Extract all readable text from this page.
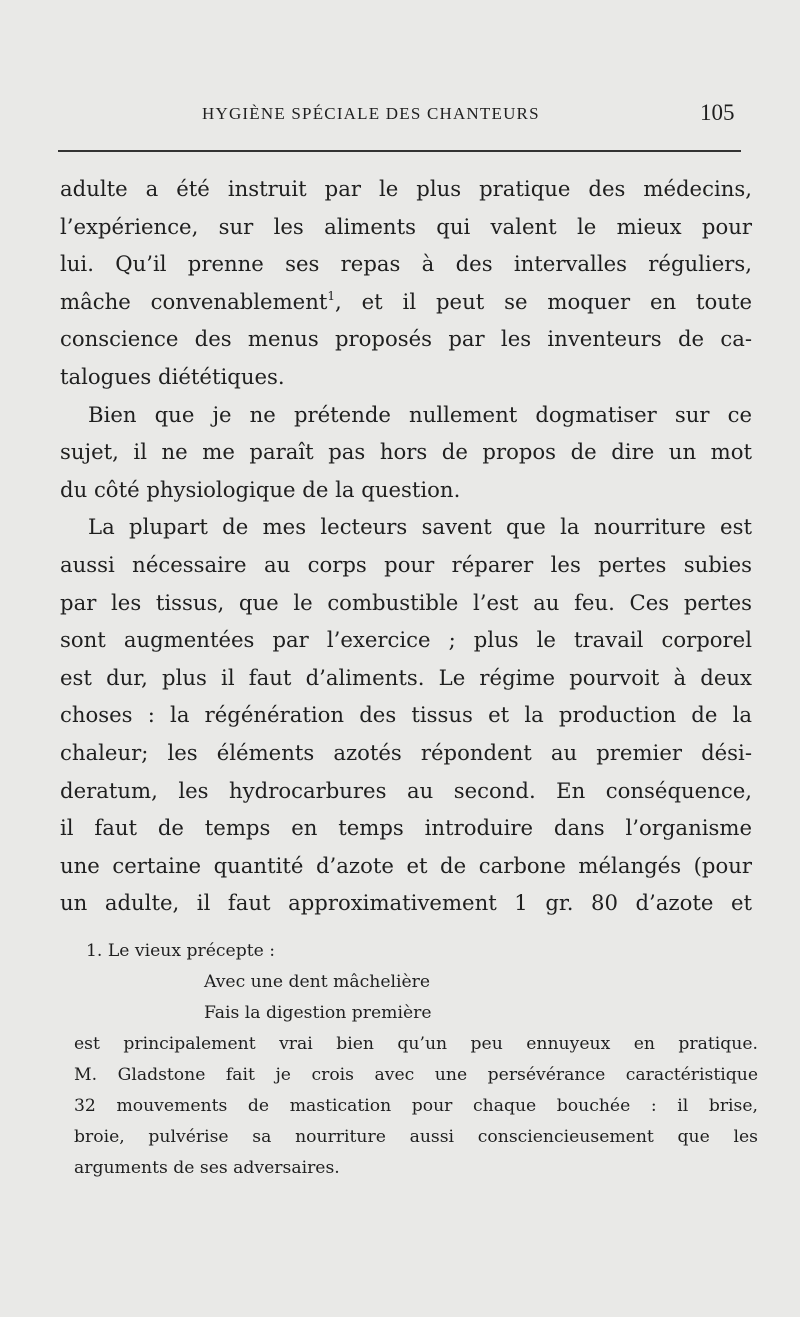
HYGIÈNE SPÉCIALE DES CHANTEURS	105
adulte a été instruit par le plus pratique des médecins,
l’expérience, sur les aliments qui valent le mieux pour
lui. Qu’il prenne ses repas à des intervalles réguliers,
mâche convenablement$^1$, et il peut se moquer en toute
conscience des menus proposés par les inventeurs de ca-
talogues diététiques.
Bien que je ne prétende nullement dogmatiser sur ce
sujet, il ne me paraît pas hors de propos de dire un mot
du côté physiologique de la question.
La plupart de mes lecteurs savent que la nourriture est
aussi nécessaire au corps pour réparer les pertes subies
par les tissus, que le combustible l’est au feu. Ces pertes
sont augmentées par l’exercice ; plus le travail corporel
est dur, plus il faut d’aliments. Le régime pourvoit à deux
choses : la régénération des tissus et la production de la
chaleur; les éléments azotés répondent au premier dési-
deratum, les hydrocarbures au second. En conséquence,
il faut de temps en temps introduire dans l’organisme
une certaine quantité d’azote et de carbone mélangés (pour
un adulte, il faut approximativement 1 gr. 80 d’azote et
1. Le vieux précepte :
Avec une dent mâchelière
Fais la digestion première
est principalement vrai bien qu’un peu ennuyeux en pratique.
M. Gladstone fait je crois avec une persévérance caractéristique
32 mouvements de mastication pour chaque bouchée : il brise,
broie, pulvérise sa nourriture aussi consciencieusement que les
arguments de ses adversaires.
